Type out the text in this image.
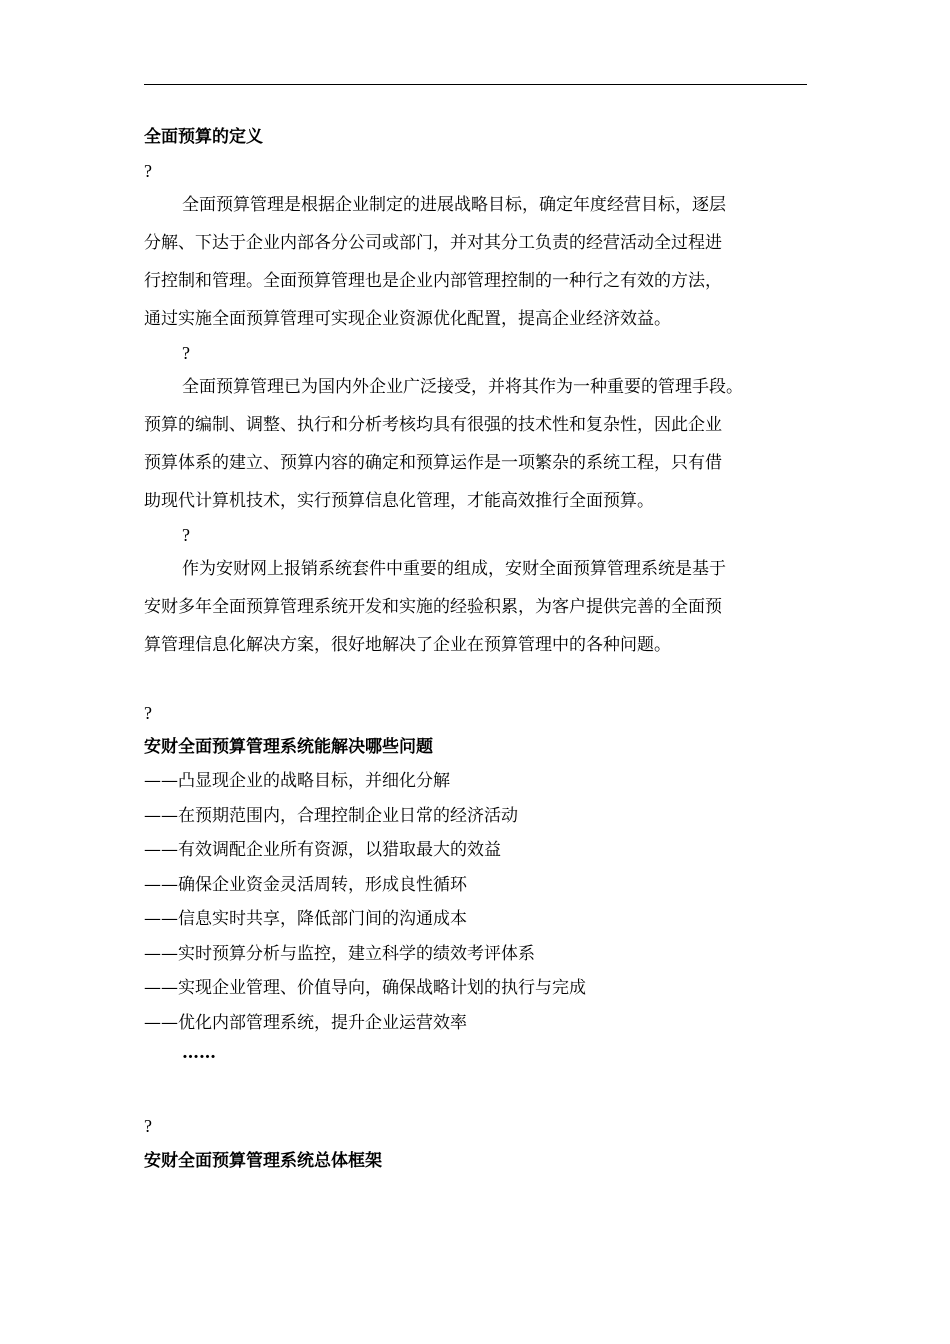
全面预算的定义
?
全面预算管理是根据企业制定的进展战略目标，确定年度经营目标，逐层
分解、下达于企业内部各分公司或部门，并对其分工负责的经营活动全过程进
行控制和管理。全面预算管理也是企业内部管理控制的一种行之有效的方法，
通过实施全面预算管理可实现企业资源优化配置，提高企业经济效益。
?
全面预算管理已为国内外企业广泛接受，并将其作为一种重要的管理手段。
预算的编制、调整、执行和分析考核均具有很强的技术性和复杂性，因此企业
预算体系的建立、预算内容的确定和预算运作是一项繁杂的系统工程，只有借
助现代计算机技术，实行预算信息化管理，才能高效推行全面预算。
?
作为安财网上报销系统套件中重要的组成，安财全面预算管理系统是基于
安财多年全面预算管理系统开发和实施的经验积累，为客户提供完善的全面预
算管理信息化解决方案，很好地解决了企业在预算管理中的各种问题。
?
安财全面预算管理系统能解决哪些问题
——凸显现企业的战略目标，并细化分解
——在预期范围内，合理控制企业日常的经济活动
——有效调配企业所有资源，以猎取最大的效益
——确保企业资金灵活周转，形成良性循环
——信息实时共享，降低部门间的沟通成本
——实时预算分析与监控，建立科学的绩效考评体系
——实现企业管理、价值导向，确保战略计划的执行与完成
——优化内部管理系统，提升企业运营效率
……
?
安财全面预算管理系统总体框架
